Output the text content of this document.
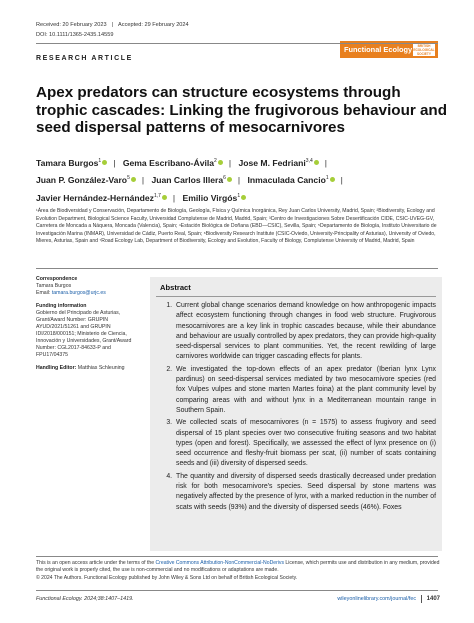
Received: 20 February 2023 | Accepted: 29 February 2024
DOI: 10.1111/1365-2435.14559
Functional Ecology	BRITISH
ECOLOGICAL
SOCIETY
RESEARCH ARTICLE
Apex predators can structure ecosystems through trophic cascades: Linking the frugivorous behaviour and seed dispersal patterns of mesocarnivores
Tamara Burgos$^1$ | Gema Escribano-Ávila$^2$ | Jose M. Fedriani$^{3,4}$ |
Juan P. González-Varo$^5$ | Juan Carlos Illera$^6$ | Inmaculada Cancio$^1$ |
Javier Hernández-Hernández$^{1,7}$ | Emilio Virgós$^1$
¹Área de Biodiversidad y Conservación, Departamento de Biología, Geología, Física y Química Inorgánica, Rey Juan Carlos University, Madrid, Spain; ²Biodiversity, Ecology and Evolution Department, Biological Science Faculty, Universidad Complutense de Madrid, Madrid, Spain; ³Centro de Investigaciones Sobre Desertificación CIDE, CSIC-UVEG-GV, Carretera de Moncada a Náquera, Moncada (Valencia), Spain; ⁴Estación Biológica de Doñana (EBD—CSIC), Sevilla, Spain; ⁵Departamento de Biología, Instituto Universitario de Investigación Marina (INMAR), Universidad de Cádiz, Puerto Real, Spain; ⁶Biodiversity Research Institute (CSIC-Oviedo, University-Principality of Asturias), University of Oviedo, Mieres, Asturias, Spain and ⁷Road Ecology Lab, Department of Biodiversity, Ecology and Evolution, Faculty of Biology, Complutense University of Madrid, Madrid, Spain
Correspondence
Tamara Burgos
Email: tamara.burgos@urjc.es
Funding information
Gobierno del Principado de Asturias, Grant/Award Number: GRUPIN AYUD/2021/51261 and GRUPIN IDI/2018/000151; Ministerio de Ciencia, Innovación y Universidades, Grant/Award Number: CGL2017-84633-P and FPU17/04375
Handling Editor: Matthias Schleuning
Abstract
1. Current global change scenarios demand knowledge on how anthropogenic impacts affect ecosystem functioning through changes in food web structure. Frugivorous mesocarnivores are a key link in trophic cascades because, while their abundance and behaviour are usually controlled by apex predators, they can provide high-quality seed-dispersal services to plant communities. Yet, the recent rewilding of large carnivores worldwide can trigger cascading effects for plants.
2. We investigated the top-down effects of an apex predator (Iberian lynx Lynx pardinus) on seed-dispersal services mediated by two mesocarnivore species (red fox Vulpes vulpes and stone marten Martes foina) at the plant community level by comparing areas with and without lynx in a Mediterranean mountain range in Southern Spain.
3. We collected scats of mesocarnivores (n = 1575) to assess frugivory and seed dispersal of 15 plant species over two consecutive fruiting seasons and two habitat types (open and forest). Specifically, we assessed the effect of lynx presence on (i) seed occurrence and fleshy-fruit biomass per scat, (ii) number of scats containing seeds and (iii) diversity of dispersed seeds.
4. The quantity and diversity of dispersed seeds drastically decreased under predation risk for both mesocarnivore's species. Seed dispersal by stone martens was negatively affected by the presence of lynx, with a marked reduction in the number of scats with seeds (93%) and the diversity of dispersed seeds (46%). Foxes
This is an open access article under the terms of the Creative Commons Attribution-NonCommercial-NoDerivs License, which permits use and distribution in any medium, provided the original work is properly cited, the use is non-commercial and no modifications or adaptations are made.
© 2024 The Authors. Functional Ecology published by John Wiley & Sons Ltd on behalf of British Ecological Society.
Functional Ecology. 2024;38:1407–1419.	wileyonlinelibrary.com/journal/fec 1407
